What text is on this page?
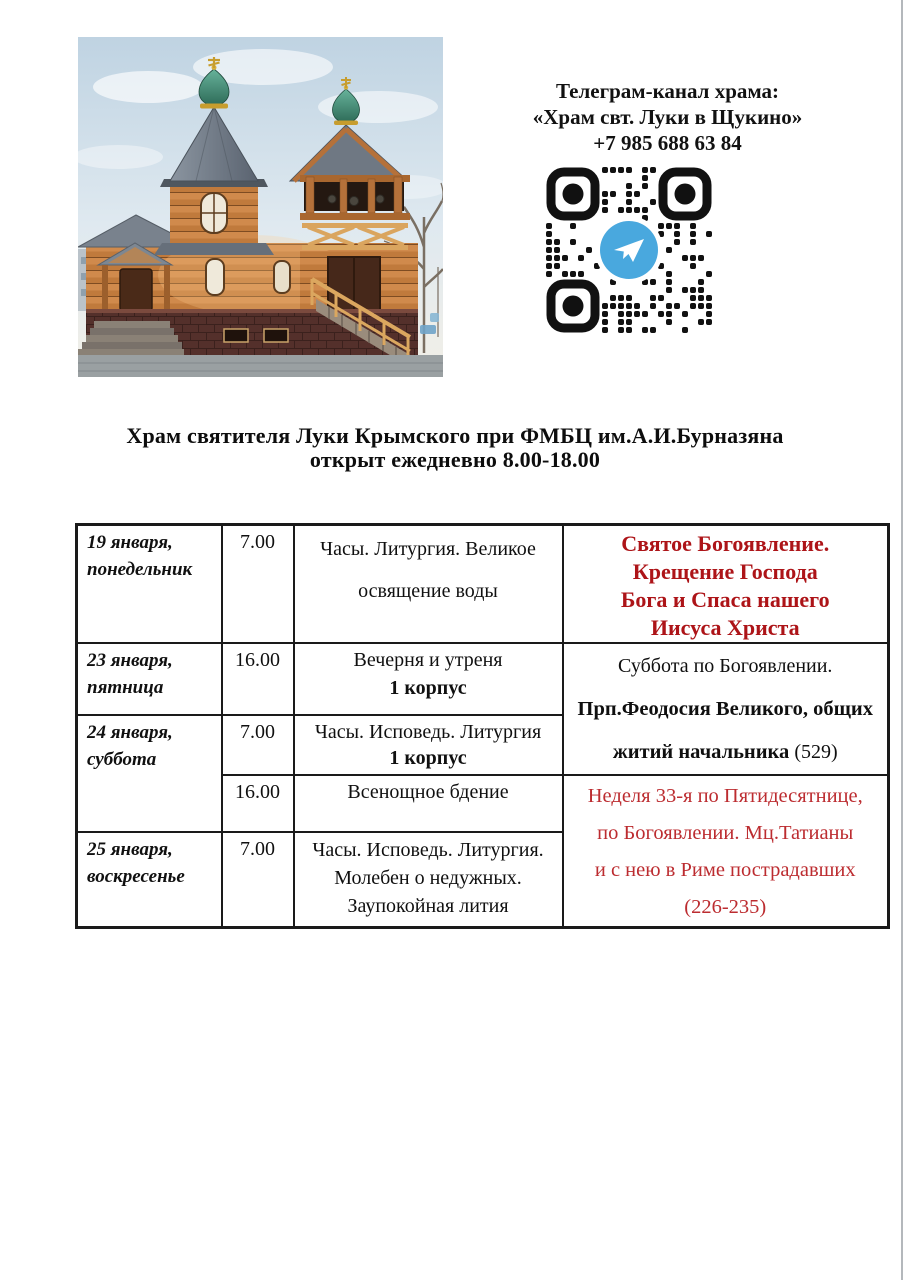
Телеграм-канал храма:
«Храм свт. Луки в Щукино»
+7 985 688 63 84
Храм святителя Луки Крымского при ФМБЦ им.А.И.Бурназяна
открыт ежедневно 8.00-18.00
19 января,
понедельник
	7.00	Часы. Литургия. Великое
освящение воды

Святое Богоявление.
Крещение Господа
Бога и Спаса нашего
Иисуса Христа

23 января,
пятница
	16.00	Вечерня и утреня
1 корпус

Суббота по Богоявлении.
Прп.Феодосия Великого, общих житий начальника (529)

24 января,
суббота
	7.00	Часы. Исповедь. Литургия
1 корпус

	16.00	Всенощное бдение	Неделя 33-я по Пятидесятнице,
по Богоявлении. Мц.Татианы
и с нею в Риме пострадавших
(226-235)

25 января,
воскресенье
	7.00	Часы. Исповедь. Литургия.
Молебен о недужных.
Заупокойная лития
